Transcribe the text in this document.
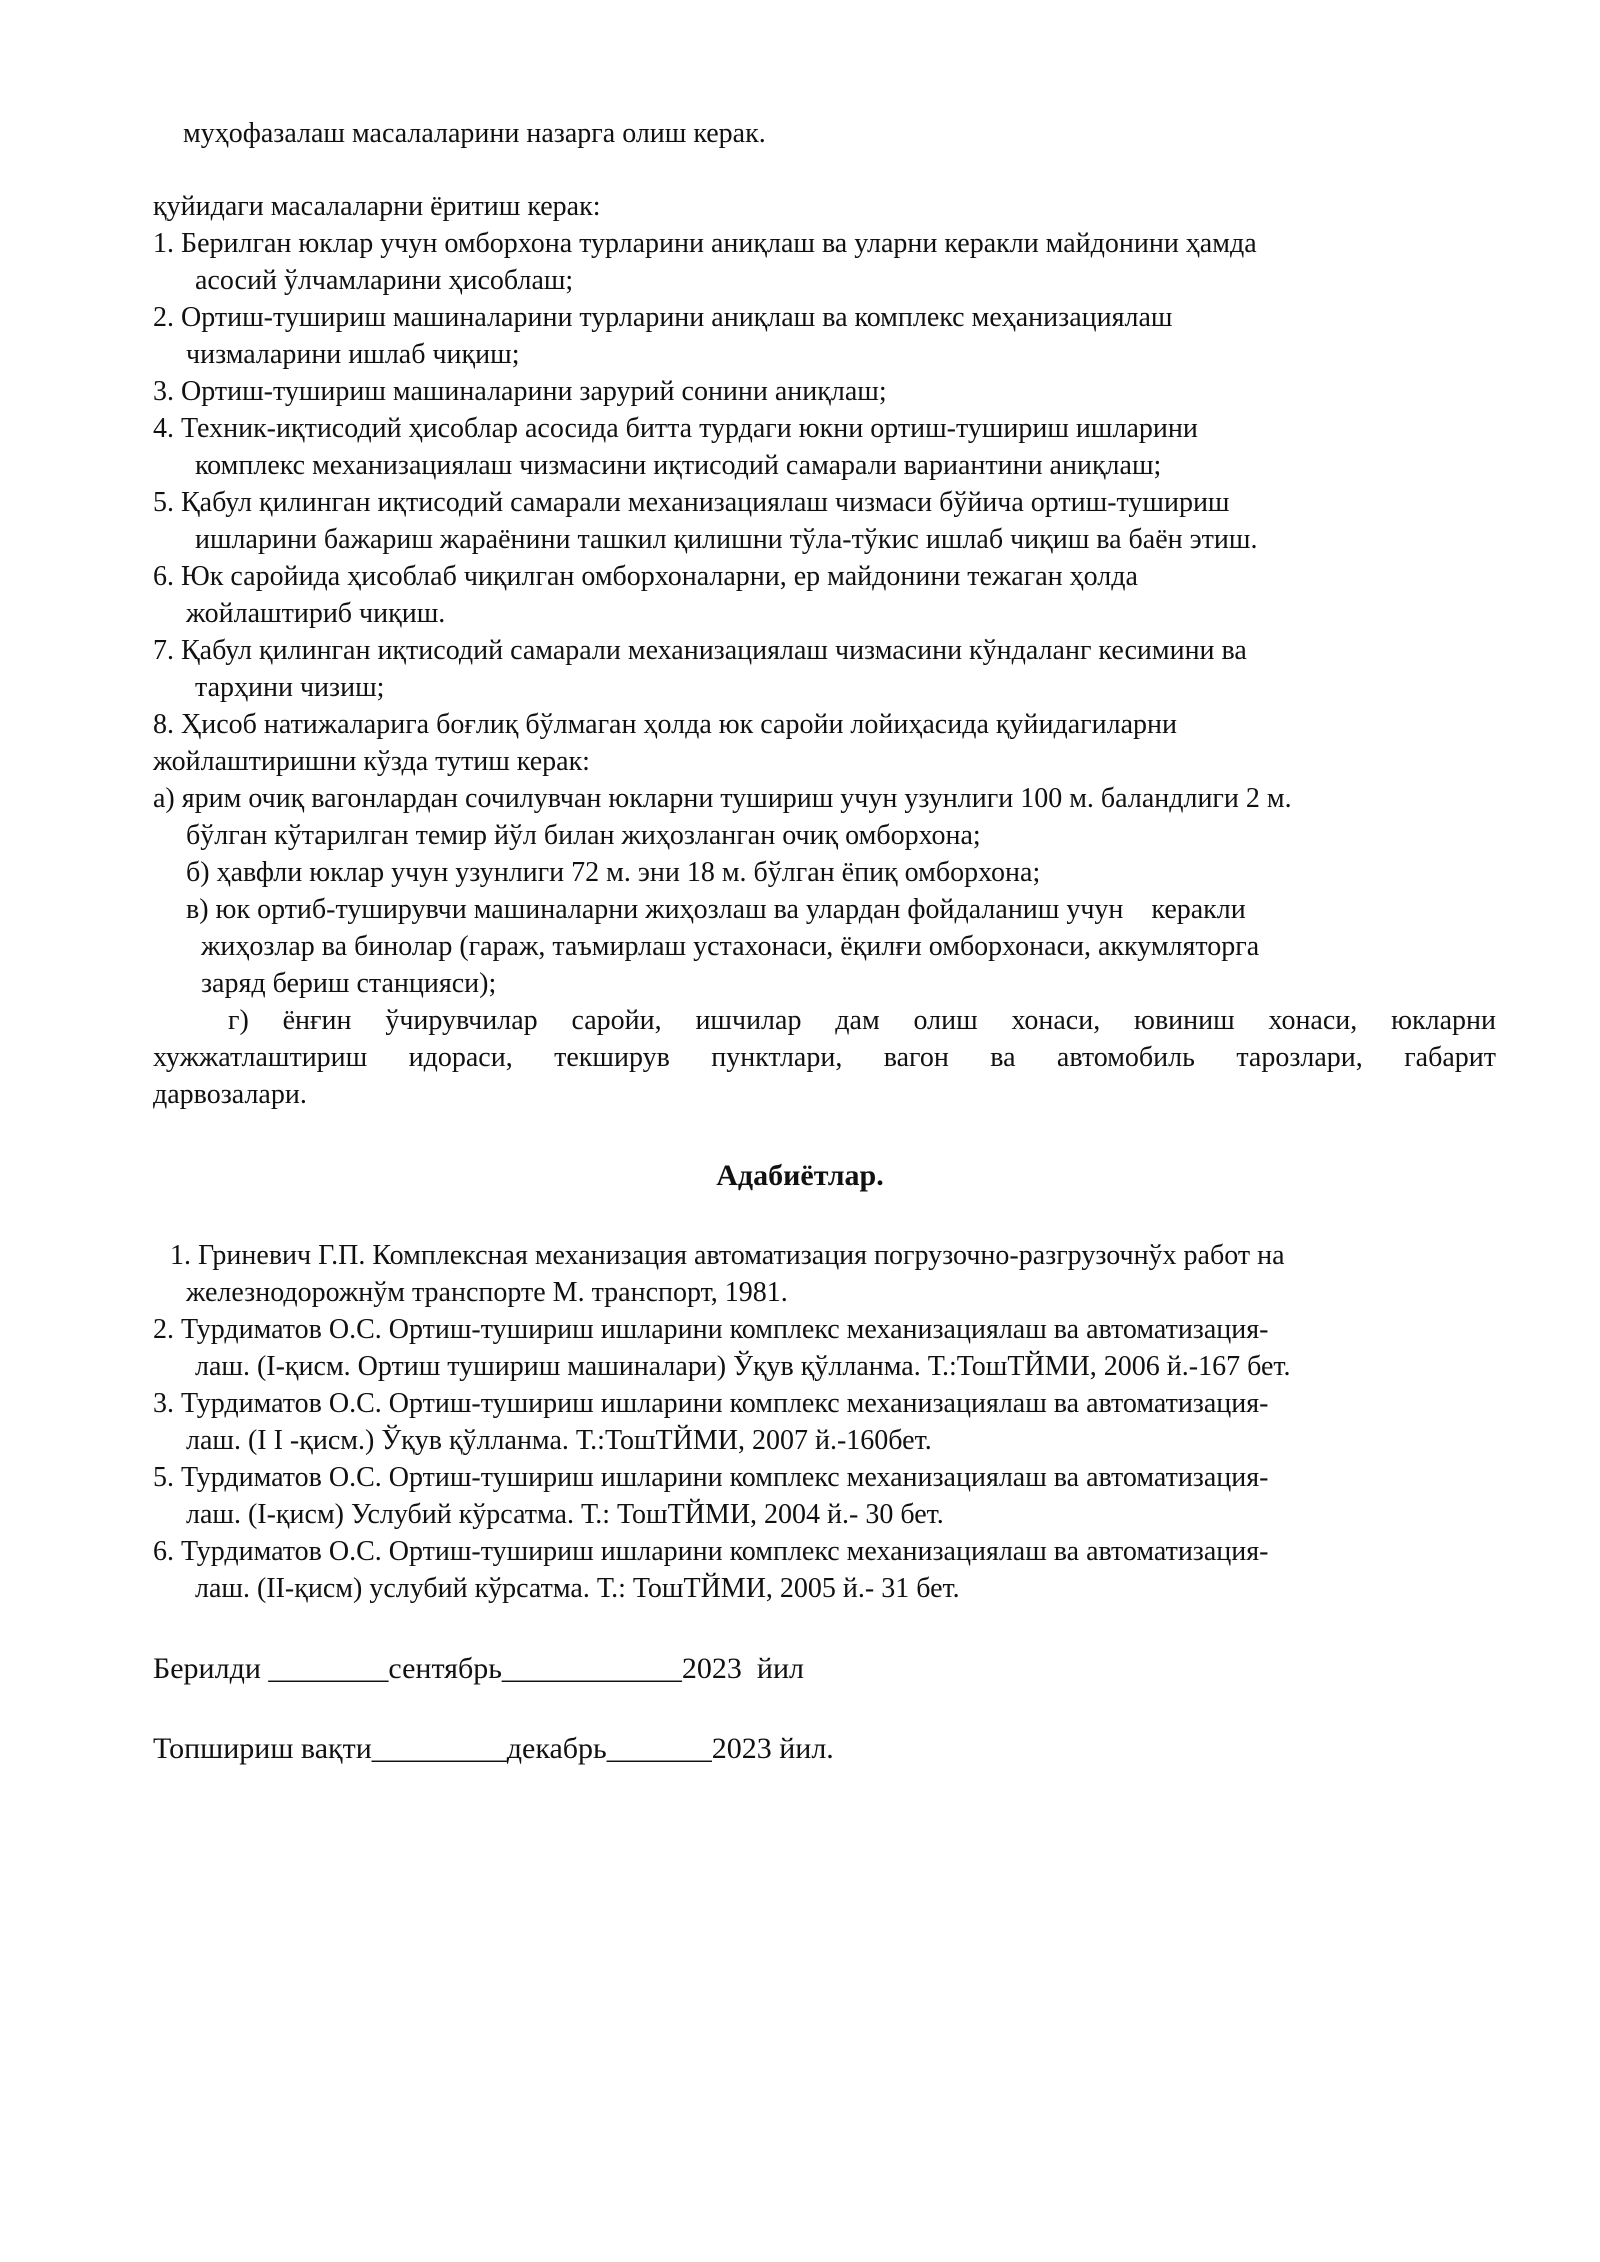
муҳофазалаш масалаларини назарга олиш керак.
қуйидаги масалаларни ёритиш керак:
1. Берилган юклар учун омборхона турларини аниқлаш ва уларни керакли майдонини ҳамда
асосий ўлчамларини ҳисоблаш;
2. Ортиш-тушириш машиналарини турларини аниқлаш ва комплекс меҳанизациялаш
чизмаларини ишлаб чиқиш;
3. Ортиш-тушириш машиналарини зарурий сонини аниқлаш;
4. Техник-иқтисодий ҳисоблар асосида битта турдаги юкни ортиш-тушириш ишларини
комплекс механизациялаш чизмасини иқтисодий самарали вариантини аниқлаш;
5. Қабул қилинган иқтисодий самарали механизациялаш чизмаси бўйича ортиш-тушириш
ишларини бажариш жараёнини ташкил қилишни тўла-тўкис ишлаб чиқиш ва баён этиш.
6. Юк саройида ҳисоблаб чиқилган омборхоналарни, ер майдонини тежаган ҳолда
жойлаштириб чиқиш.
7. Қабул қилинган иқтисодий самарали механизациялаш чизмасини кўндаланг кесимини ва
тарҳини чизиш;
8. Ҳисоб натижаларига боғлиқ бўлмаган ҳолда юк саройи лойиҳасида қуйидагиларни
жойлаштиришни кўзда тутиш керак:
а) ярим очиқ вагонлардан сочилувчан юкларни тушириш учун узунлиги 100 м. баландлиги 2 м.
бўлган кўтарилган темир йўл билан жиҳозланган очиқ омборхона;
б) ҳавфли юклар учун узунлиги 72 м. эни 18 м. бўлган ёпиқ омборхона;
в) юк ортиб-туширувчи машиналарни жиҳозлаш ва улардан фойдаланиш учун    керакли
жиҳозлар ва бинолар (гараж, таъмирлаш устахонаси, ёқилғи омборхонаси, аккумляторга
заряд бериш станцияси);
г) ёнғин ўчирувчилар саройи, ишчилар дам олиш хонаси, ювиниш хонаси, юкларни
хужжатлаштириш идораси, текширув пунктлари, вагон ва автомобиль тарозлари, габарит
дарвозалари.
Адабиётлар.
1. Гриневич Г.П. Комплексная механизация автоматизация погрузочно-разгрузочнўх работ на
железнодорожнўм транспорте М. транспорт, 1981.
2. Турдиматов О.С. Ортиш-тушириш ишларини комплекс механизациялаш ва автоматизация-
лаш. (I-қисм. Ортиш тушириш машиналари) Ўқув қўлланма. Т.:ТошТЙМИ, 2006 й.-167 бет.
3. Турдиматов О.С. Ортиш-тушириш ишларини комплекс механизациялаш ва автоматизация-
лаш. (I I -қисм.) Ўқув қўлланма. Т.:ТошТЙМИ, 2007 й.-160бет.
5. Турдиматов О.С. Ортиш-тушириш ишларини комплекс механизациялаш ва автоматизация-
лаш. (I-қисм) Услубий кўрсатма. Т.: ТошТЙМИ, 2004 й.- 30 бет.
6. Турдиматов О.С. Ортиш-тушириш ишларини комплекс механизациялаш ва автоматизация-
лаш. (II-қисм) услубий кўрсатма. Т.: ТошТЙМИ, 2005 й.- 31 бет.
Берилди ________сентябрь____________2023  йил
Топшириш вақти_________декабрь_______2023 йил.
